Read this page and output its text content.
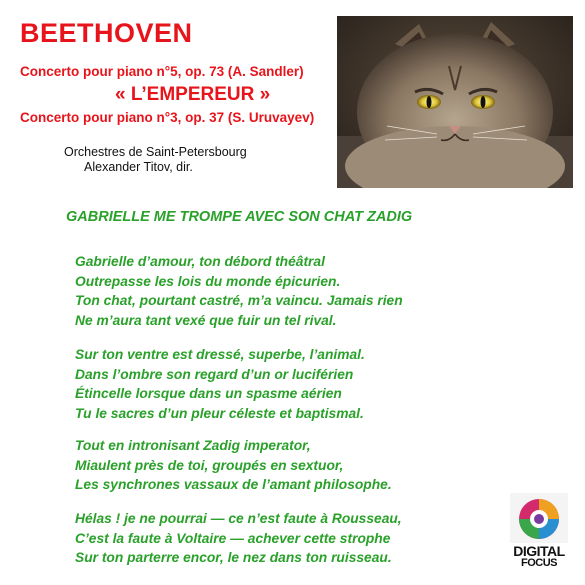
BEETHOVEN
Concerto pour piano n°5, op. 73 (A. Sandler)
« L’EMPEREUR »
Concerto pour piano n°3, op. 37 (S. Uruvayev)
Orchestres de Saint-Petersbourg
Alexander Titov, dir.
GABRIELLE ME TROMPE AVEC SON CHAT ZADIG
Gabrielle d’amour, ton débord théâtral
Outrepasse les lois du monde épicurien.
Ton chat, pourtant castré, m’a vaincu. Jamais rien
Ne m’aura tant vexé que fuir un tel rival.
Sur ton ventre est dressé, superbe, l’animal.
Dans l’ombre son regard d’un or luciférien
Étincelle lorsque dans un spasme aérien
Tu le sacres d’un pleur céleste et baptismal.
Tout en intronisant Zadig imperator,
Miaulent près de toi, groupés en sextuor,
Les synchrones vassaux de l’amant philosophe.
Hélas ! je ne pourrai — ce n’est faute à Rousseau,
C’est la faute à Voltaire — achever cette strophe
Sur ton parterre encor, le nez dans ton ruisseau.	DIGITAL
FOCUS
